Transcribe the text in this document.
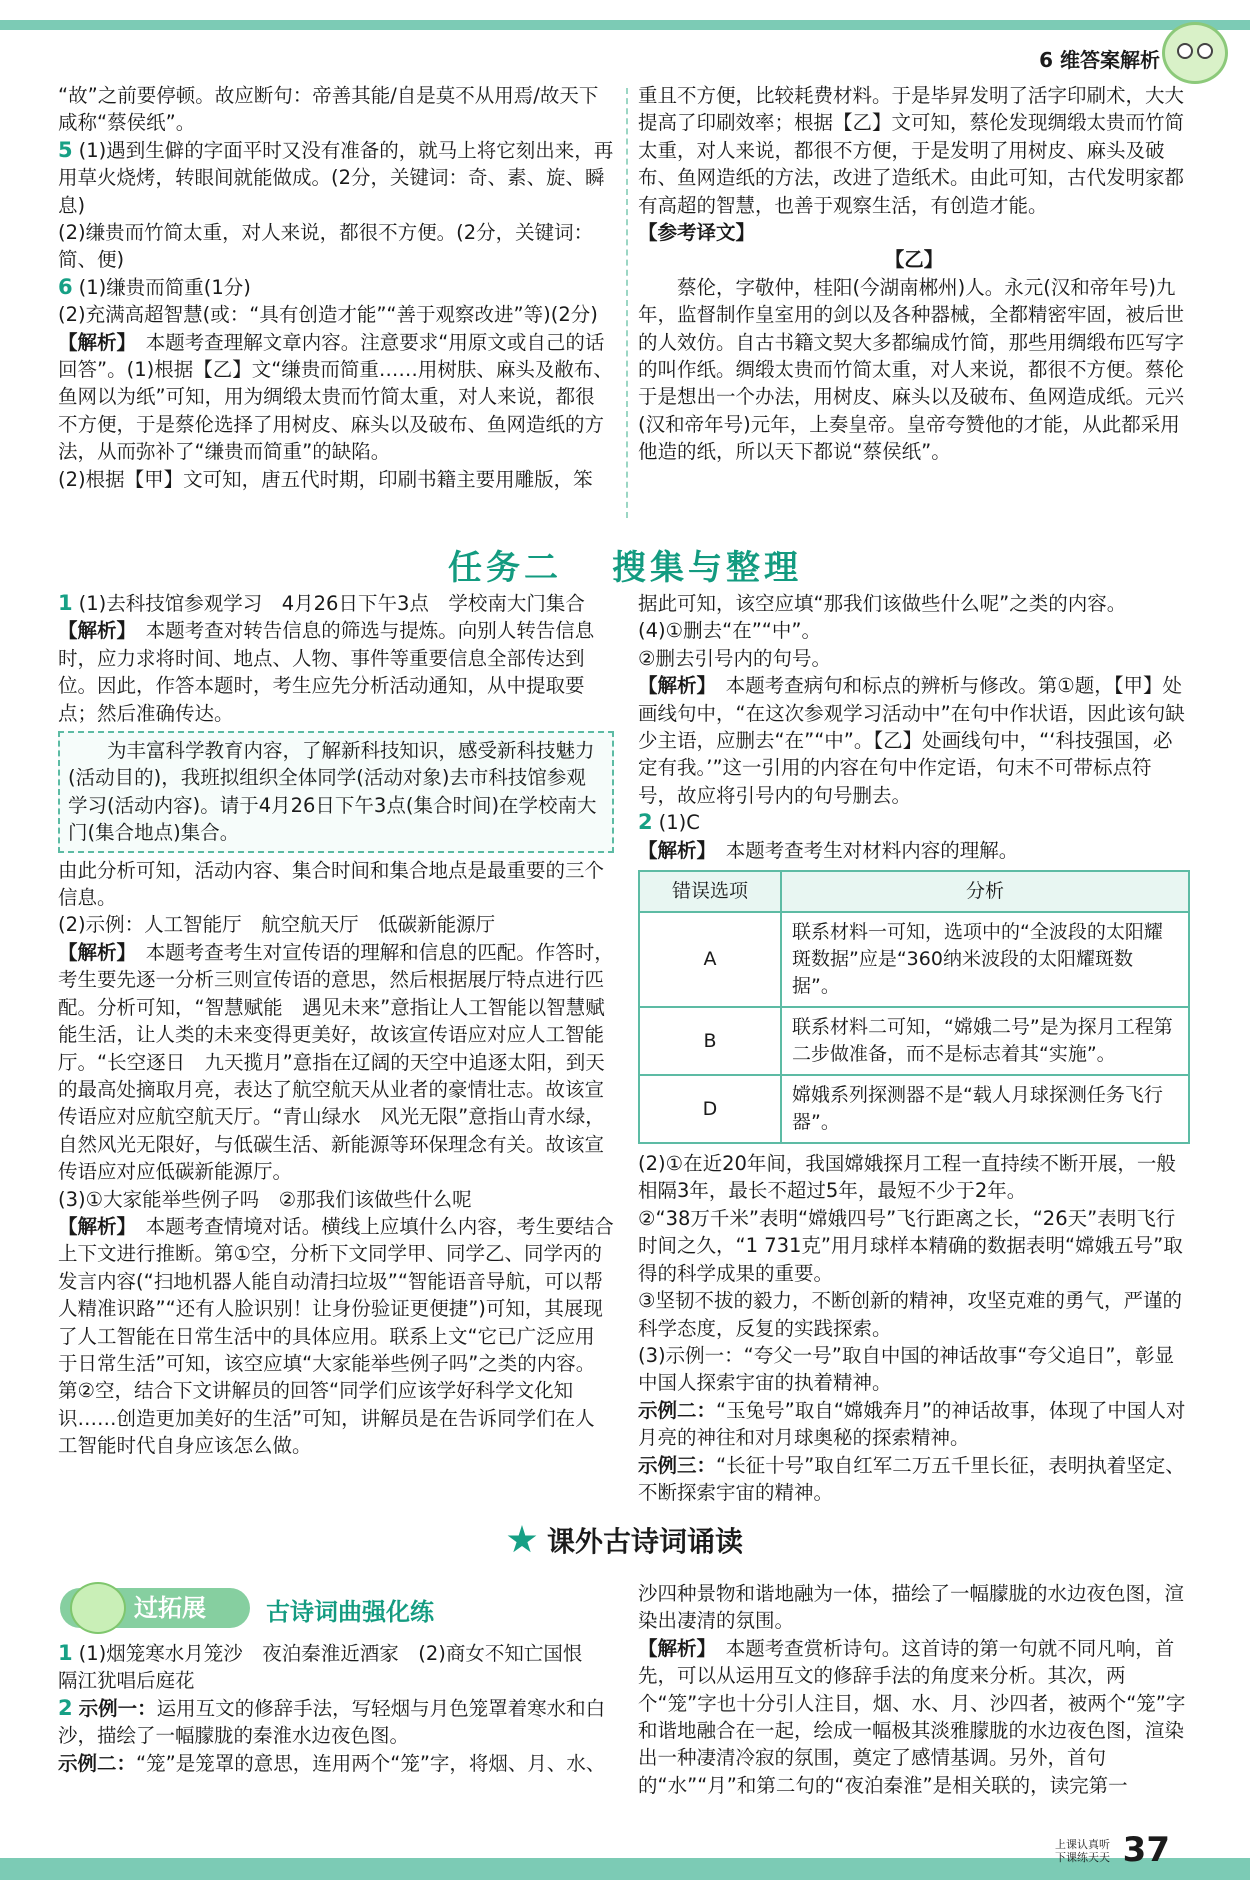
6 维答案解析

“故”之前要停顿。故应断句：帝善其能/自是莫不从用焉/故天下咸称“蔡侯纸”。

5 (1)遇到生僻的字面平时又没有准备的，就马上将它刻出来，再用草火烧烤，转眼间就能做成。(2分，关键词：奇、素、旋、瞬息)

(2)缣贵而竹简太重，对人来说，都很不方便。(2分，关键词：简、便)

6 (1)缣贵而简重(1分)

(2)充满高超智慧(或：“具有创造才能”“善于观察改进”等)(2分)

【解析】　 本题考查理解文章内容。注意要求“用原文或自己的话回答”。(1)根据【乙】文“缣贵而简重……用树肤、麻头及敝布、鱼网以为纸”可知，用为绸缎太贵而竹简太重，对人来说，都很不方便，于是蔡伦选择了用树皮、麻头以及破布、鱼网造纸的方法，从而弥补了“缣贵而简重”的缺陷。

(2)根据【甲】文可知，唐五代时期，印刷书籍主要用雕版，笨

重且不方便，比较耗费材料。于是毕昇发明了活字印刷术，大大提高了印刷效率；根据【乙】文可知，蔡伦发现绸缎太贵而竹简太重，对人来说，都很不方便，于是发明了用树皮、麻头及破布、鱼网造纸的方法，改进了造纸术。由此可知，古代发明家都有高超的智慧，也善于观察生活，有创造才能。

【参考译文】

【乙】

蔡伦，字敬仲，桂阳(今湖南郴州)人。永元(汉和帝年号)九年，监督制作皇室用的剑以及各种器械，全都精密牢固，被后世的人效仿。自古书籍文契大多都编成竹简，那些用绸缎布匹写字的叫作纸。绸缎太贵而竹简太重，对人来说，都很不方便。蔡伦于是想出一个办法，用树皮、麻头以及破布、鱼网造成纸。元兴(汉和帝年号)元年，上奏皇帝。皇帝夸赞他的才能，从此都采用他造的纸，所以天下都说“蔡侯纸”。

任务二 搜集与整理

1 (1)去科技馆参观学习　4月26日下午3点　学校南大门集合

【解析】　 本题考查对转告信息的筛选与提炼。向别人转告信息时，应力求将时间、地点、人物、事件等重要信息全部传达到位。因此，作答本题时，考生应先分析活动通知，从中提取要点；然后准确传达。

为丰富科学教育内容，了解新科技知识，感受新科技魅力(活动目的)，我班拟组织全体同学(活动对象)去市科技馆参观学习(活动内容)。请于4月26日下午3点(集合时间)在学校南大门(集合地点)集合。

由此分析可知，活动内容、集合时间和集合地点是最重要的三个信息。

(2)示例：人工智能厅　航空航天厅　低碳新能源厅

【解析】　 本题考查考生对宣传语的理解和信息的匹配。作答时，考生要先逐一分析三则宣传语的意思，然后根据展厅特点进行匹配。分析可知，“智慧赋能　遇见未来”意指让人工智能以智慧赋能生活，让人类的未来变得更美好，故该宣传语应对应人工智能厅。“长空逐日　九天揽月”意指在辽阔的天空中追逐太阳，到天的最高处摘取月亮，表达了航空航天从业者的豪情壮志。故该宣传语应对应航空航天厅。“青山绿水　风光无限”意指山青水绿，自然风光无限好，与低碳生活、新能源等环保理念有关。故该宣传语应对应低碳新能源厅。

(3)①大家能举些例子吗　②那我们该做些什么呢

【解析】　 本题考查情境对话。横线上应填什么内容，考生要结合上下文进行推断。第①空，分析下文同学甲、同学乙、同学丙的发言内容(“扫地机器人能自动清扫垃圾”“智能语音导航，可以帮人精准识路”“还有人脸识别！让身份验证更便捷”)可知，其展现了人工智能在日常生活中的具体应用。联系上文“它已广泛应用于日常生活”可知，该空应填“大家能举些例子吗”之类的内容。第②空，结合下文讲解员的回答“同学们应该学好科学文化知识……创造更加美好的生活”可知，讲解员是在告诉同学们在人工智能时代自身应该怎么做。

据此可知，该空应填“那我们该做些什么呢”之类的内容。

(4)①删去“在”“中”。

②删去引号内的句号。

【解析】　 本题考查病句和标点的辨析与修改。第①题，【甲】处画线句中，“在这次参观学习活动中”在句中作状语，因此该句缺少主语，应删去“在”“中”。【乙】处画线句中，“‘科技强国，必定有我。’”这一引用的内容在句中作定语，句末不可带标点符号，故应将引号内的句号删去。

2 (1)C

【解析】　 本题考查考生对材料内容的理解。

错误选项	分析
A	联系材料一可知，选项中的“全波段的太阳耀斑数据”应是“360纳米波段的太阳耀斑数据”。
B	联系材料二可知，“嫦娥二号”是为探月工程第二步做准备，而不是标志着其“实施”。
D	嫦娥系列探测器不是“载人月球探测任务飞行器”。

(2)①在近20年间，我国嫦娥探月工程一直持续不断开展，一般相隔3年，最长不超过5年，最短不少于2年。

②“38万千米”表明“嫦娥四号”飞行距离之长，“26天”表明飞行时间之久，“1 731克”用月球样本精确的数据表明“嫦娥五号”取得的科学成果的重要。

③坚韧不拔的毅力，不断创新的精神，攻坚克难的勇气，严谨的科学态度，反复的实践探索。

(3)示例一：“夸父一号”取自中国的神话故事“夸父追日”，彰显中国人探索宇宙的执着精神。

示例二：“玉兔号”取自“嫦娥奔月”的神话故事，体现了中国人对月亮的神往和对月球奥秘的探索精神。

示例三：“长征十号”取自红军二万五千里长征，表明执着坚定、不断探索宇宙的精神。

课外古诗词诵读
过拓展	古诗词曲强化练

1 (1)烟笼寒水月笼沙　夜泊秦淮近酒家　(2)商女不知亡国恨　隔江犹唱后庭花

2 示例一：运用互文的修辞手法，写轻烟与月色笼罩着寒水和白沙，描绘了一幅朦胧的秦淮水边夜色图。

示例二：“笼”是笼罩的意思，连用两个“笼”字，将烟、月、水、

沙四种景物和谐地融为一体，描绘了一幅朦胧的水边夜色图，渲染出凄清的氛围。

【解析】　 本题考查赏析诗句。这首诗的第一句就不同凡响，首先，可以从运用互文的修辞手法的角度来分析。其次，两个“笼”字也十分引人注目，烟、水、月、沙四者，被两个“笼”字和谐地融合在一起，绘成一幅极其淡雅朦胧的水边夜色图，渲染出一种凄清冷寂的氛围，奠定了感情基调。另外，首句的“水”“月”和第二句的“夜泊秦淮”是相关联的，读完第一

上课认真听
下课练天天 37
